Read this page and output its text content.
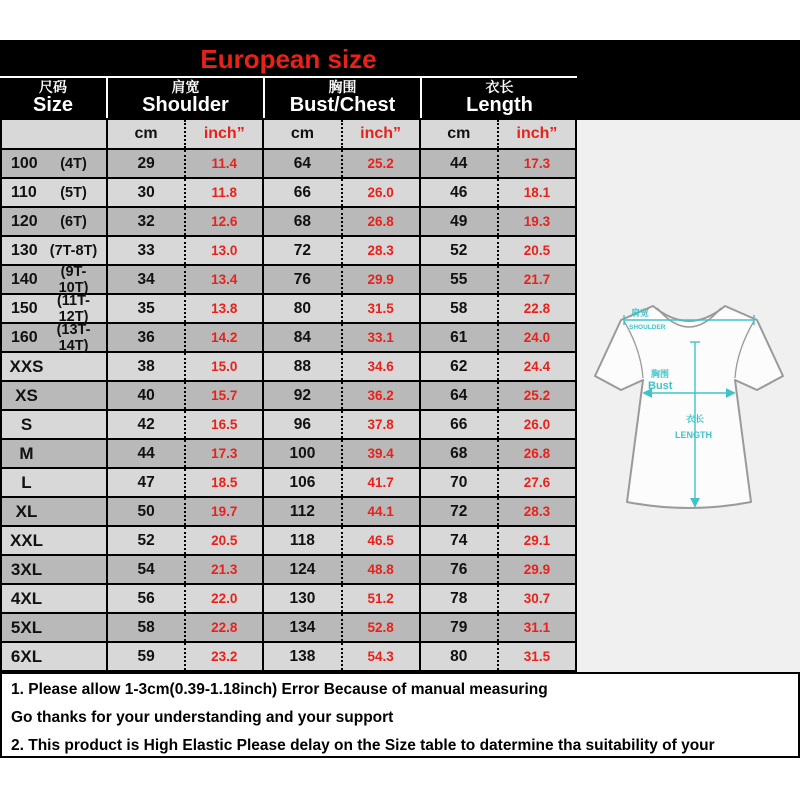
European size
尺码
Size
肩宽
Shoulder
胸围
Bust/Chest
衣长
Length
cm	inch”	cm	inch”	cm	inch”
100	(4T)	29	11.4	64	25.2	44	17.3
110	(5T)	30	11.8	66	26.0	46	18.1
120	(6T)	32	12.6	68	26.8	49	19.3
130 (7T-8T)	33	13.0	72	28.3	52	20.5
140	(9T-10T)	34	13.4	76	29.9	55	21.7
150	(11T-12T)	35	13.8	80	31.5	58	22.8
160	(13T-14T)	36	14.2	84	33.1	61	24.0
XXS	38	15.0	88	34.6	62	24.4
XS	40	15.7	92	36.2	64	25.2
S	42	16.5	96	37.8	66	26.0
M	44	17.3	100	39.4	68	26.8
L	47	18.5	106	41.7	70	27.6
XL	50	19.7	112	44.1	72	28.3
XXL	52	20.5	118	46.5	74	29.1
3XL	54	21.3	124	48.8	76	29.9
4XL	56	22.0	130	51.2	78	30.7
5XL	58	22.8	134	52.8	79	31.1
6XL	59	23.2	138	54.3	80	31.5
肩宽
SHOULDER
胸围
Bust
衣长
LENGTH

1. Please allow 1-3cm(0.39-1.18inch) Error Because of manual measuring

Go thanks for your understanding and your support

2. This product is High Elastic Please delay on the Size table to datermine tha suitability of your
